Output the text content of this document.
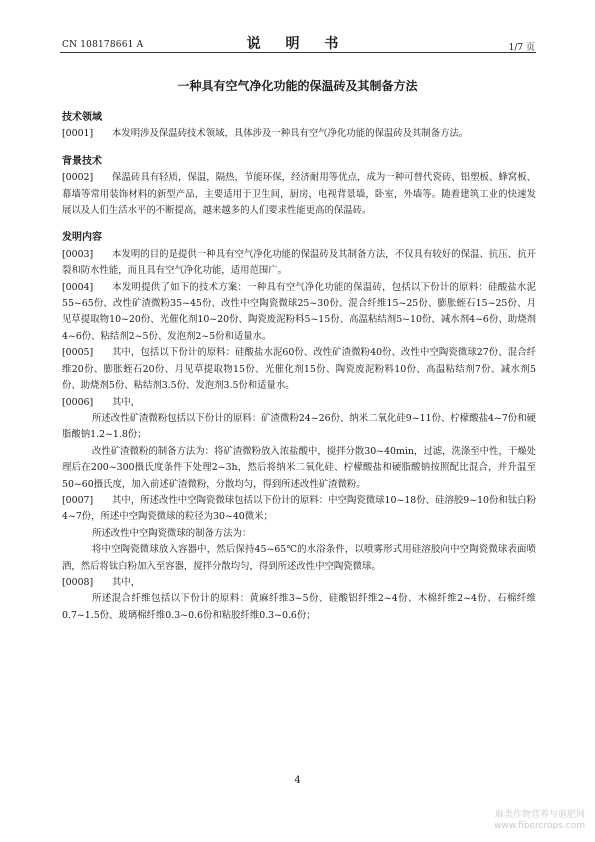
CN 108178661 A	说 明 书	1/7 页
一种具有空气净化功能的保温砖及其制备方法

技术领域

[0001] 本发明涉及保温砖技术领域，具体涉及一种具有空气净化功能的保温砖及其制备方法。

背景技术

[0002] 保温砖具有轻质，保温，隔热，节能环保，经济耐用等优点，成为一种可替代瓷砖、铝塑板、蜂窝板、幕墙等常用装饰材料的新型产品，主要适用于卫生间，厨房，电视背景墙，卧室，外墙等。随着建筑工业的快速发展以及人们生活水平的不断提高，越来越多的人们要求性能更高的保温砖。

发明内容

[0003] 本发明的目的是提供一种具有空气净化功能的保温砖及其制备方法，不仅具有较好的保温、抗压、抗开裂和防水性能，而且具有空气净化功能，适用范围广。

[0004] 本发明提供了如下的技术方案：一种具有空气净化功能的保温砖，包括以下份计的原料：硅酸盐水泥55~65份、改性矿渣微粉35~45份、改性中空陶瓷微球25~30份、混合纤维15~25份、膨胀蛭石15~25份、月见草提取物10~20份、光催化剂10~20份、陶瓷废泥粉料5~15份、高温粘结剂5~10份、减水剂4~6份、助烧剂4~6份、粘结剂2~5份、发泡剂2~5份和适量水。

[0005] 其中，包括以下份计的原料：硅酸盐水泥60份、改性矿渣微粉40份、改性中空陶瓷微球27份、混合纤维20份、膨胀蛭石20份、月见草提取物15份、光催化剂15份、陶瓷废泥粉料10份、高温粘结剂7份、减水剂5份、助烧剂5份、粘结剂3.5份、发泡剂3.5份和适量水。

[0006] 其中，

所述改性矿渣微粉包括以下份计的原料：矿渣微粉24~26份、纳米二氧化硅9~11份、柠檬酸盐4~7份和硬脂酸钠1.2~1.8份；

改性矿渣微粉的制备方法为：将矿渣微粉放入浓盐酸中，搅拌分散30~40min，过滤，洗涤至中性，干燥处理后在200~300摄氏度条件下处理2~3h，然后将纳米二氧化硅、柠檬酸盐和硬脂酸钠按照配比混合，并升温至50~60摄氏度，加入前述矿渣微粉，分散均匀，得到所述改性矿渣微粉。

[0007] 其中，所述改性中空陶瓷微球包括以下份计的原料：中空陶瓷微球10~18份、硅溶胶9~10份和钛白粉4~7份，所述中空陶瓷微球的粒径为30~40微米；

所述改性中空陶瓷微球的制备方法为：

将中空陶瓷微球放入容器中，然后保持45~65℃的水浴条件，以喷雾形式用硅溶胶向中空陶瓷微球表面喷洒，然后将钛白粉加入至容器，搅拌分散均匀，得到所述改性中空陶瓷微球。

[0008] 其中，

所述混合纤维包括以下份计的原料：黄麻纤维3~5份、硅酸铝纤维2~4份、木棉纤维2~4份、石棉纤维0.7~1.5份、玻璃棉纤维0.3~0.6份和粘胶纤维0.3~0.6份；

4
麻类作物营养与施肥网
www.fibercrops.com
